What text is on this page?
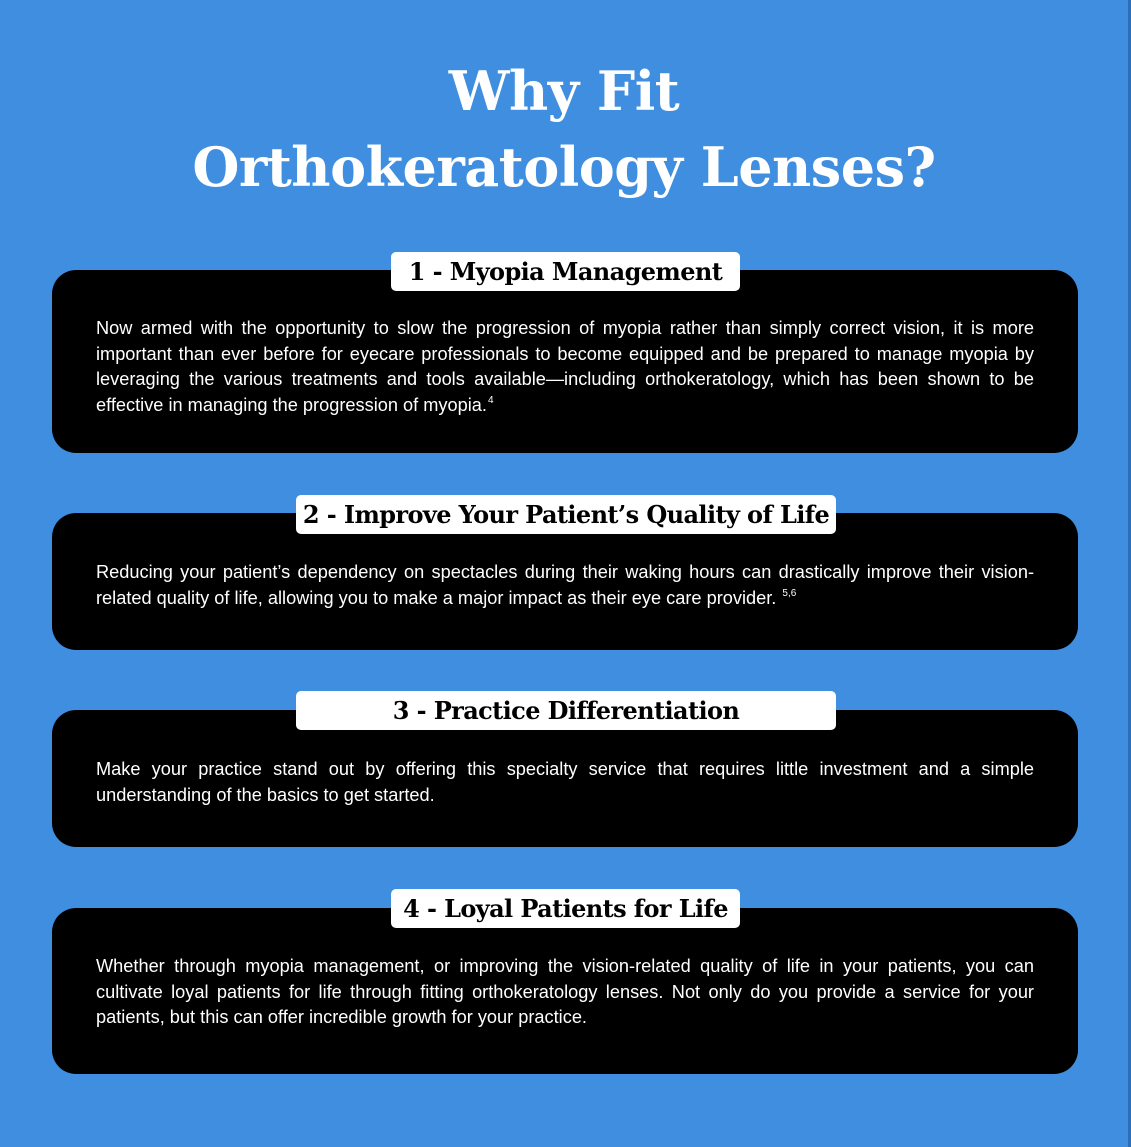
Why Fit
Orthokeratology Lenses?

Now armed with the opportunity to slow the progression of myopia rather than simply correct vision, it is more important than ever before for eyecare professionals to become equipped and be prepared to manage myopia by leveraging the various treatments and tools available—including orthokeratology, which has been shown to be effective in managing the progression of myopia.$^4$

1 - Myopia Management

Reducing your patient’s dependency on spectacles during their waking hours can drastically improve their vision-related quality of life, allowing you to make a major impact as their eye care provider. $^{5,6}$

2 - Improve Your Patient’s Quality of Life

Make your practice stand out by offering this specialty service that requires little investment and a simple understanding of the basics to get started.

3 - Practice Differentiation

Whether through myopia management, or improving the vision-related quality of life in your patients, you can cultivate loyal patients for life through fitting orthokeratology lenses. Not only do you provide a service for your patients, but this can offer incredible growth for your practice.

4 - Loyal Patients for Life
